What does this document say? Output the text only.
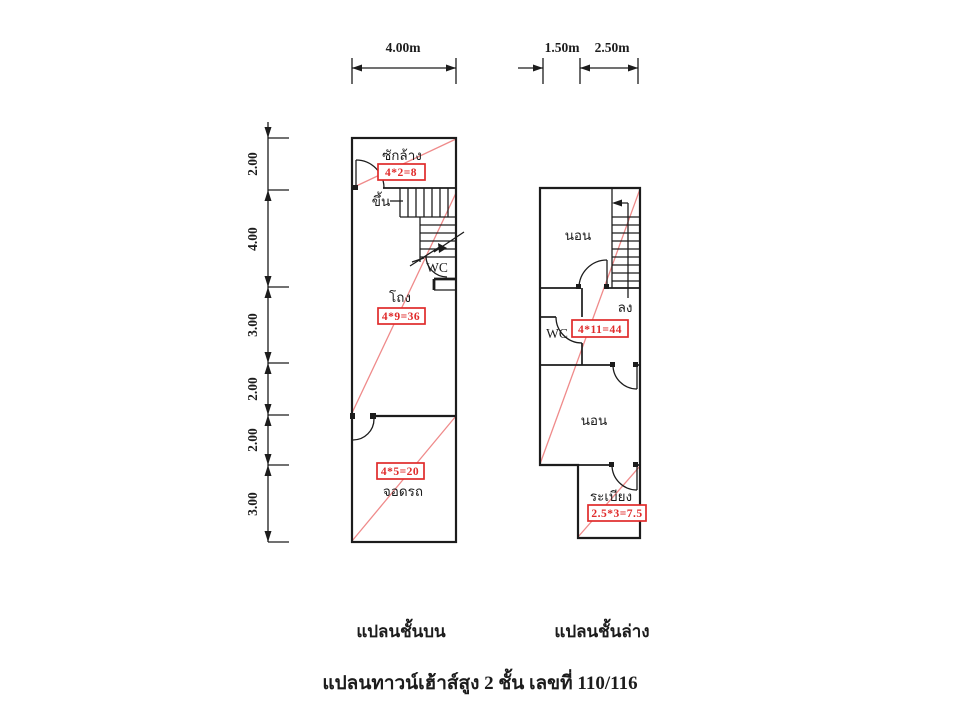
4.00m	1.50m 2.50m
2.00
4.00
3.00
2.00
2.00
3.00
4*2=8
4*9=36
4*5=20
ซักล้าง
ขึ้น
WC
โถง
จอดรถ
4*11=44
2.5*3=7.5
นอน
ลง
WC
นอน
ระเบียง
แปลนชั้นบน	แปลนชั้นล่าง
แปลนทาวน์เฮ้าส์สูง 2 ชั้น เลขที่ 110/116
